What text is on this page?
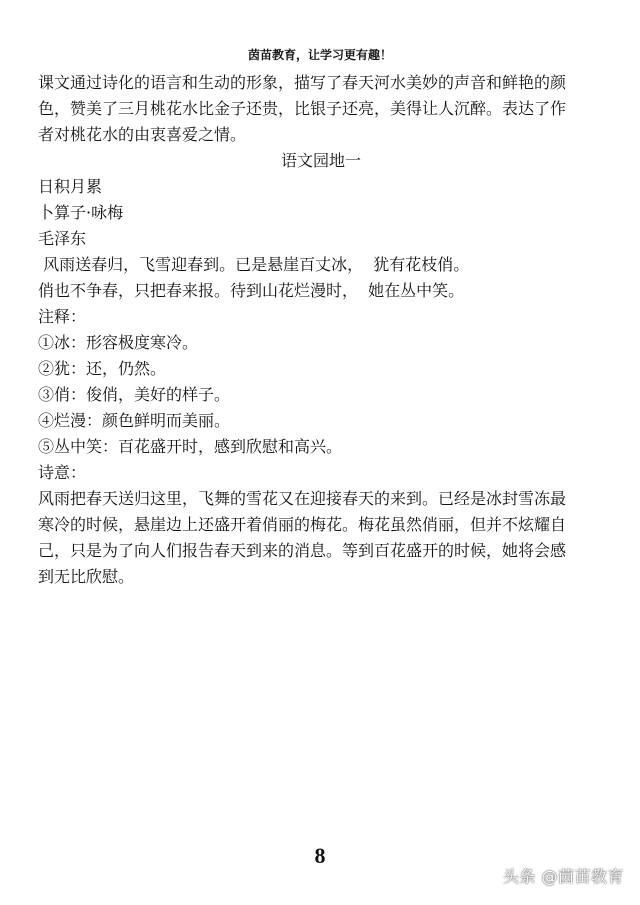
茵苗教育，让学习更有趣！

课文通过诗化的语言和生动的形象，描写了春天河水美妙的声音和鲜艳的颜

色，赞美了三月桃花水比金子还贵，比银子还亮，美得让人沉醉。表达了作

者对桃花水的由衷喜爱之情。

语文园地一

日积月累

卜算子·咏梅

毛泽东

风雨送春归，飞雪迎春到。已是悬崖百丈冰，  犹有花枝俏。

俏也不争春，只把春来报。待到山花烂漫时，  她在丛中笑。

注释：

①冰：形容极度寒冷。

②犹：还，仍然。

③俏：俊俏，美好的样子。

④烂漫：颜色鲜明而美丽。

⑤丛中笑：百花盛开时，感到欣慰和高兴。

诗意：

风雨把春天送归这里，飞舞的雪花又在迎接春天的来到。已经是冰封雪冻最

寒冷的时候，悬崖边上还盛开着俏丽的梅花。梅花虽然俏丽，但并不炫耀自

己，只是为了向人们报告春天到来的消息。等到百花盛开的时候，她将会感

到无比欣慰。

8
头条 @茵苗教育
